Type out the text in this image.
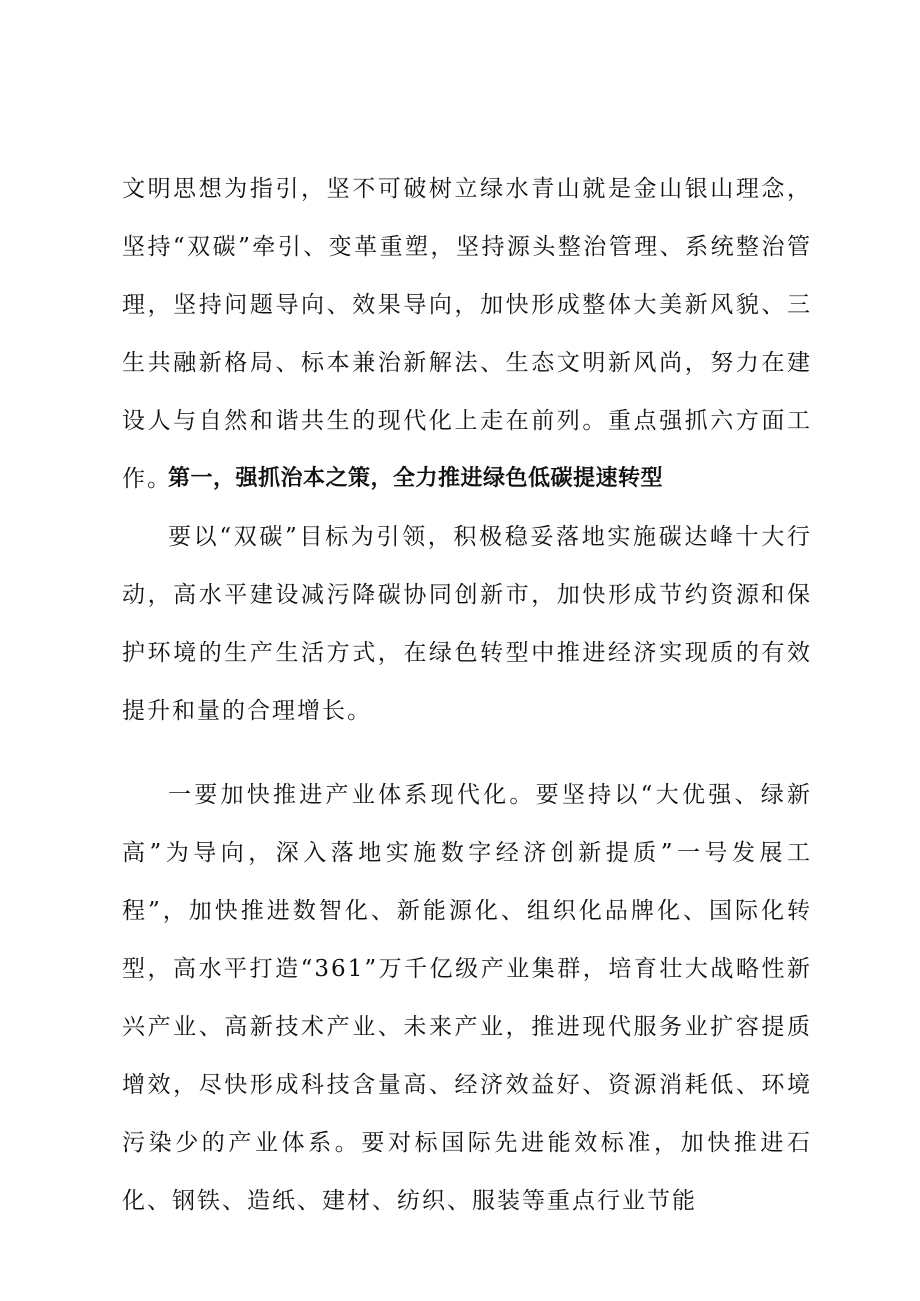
文明思想为指引，坚不可破树立绿水青山就是金山银山理念，坚持“双碳”牵引、变革重塑，坚持源头整治管理、系统整治管理，坚持问题导向、效果导向，加快形成整体大美新风貌、三生共融新格局、标本兼治新解法、生态文明新风尚，努力在建设人与自然和谐共生的现代化上走在前列。重点强抓六方面工作。

第一，强抓治本之策，全力推进绿色低碳提速转型

要以“双碳”目标为引领，积极稳妥落地实施碳达峰十大行动，高水平建设减污降碳协同创新市，加快形成节约资源和保护环境的生产生活方式，在绿色转型中推进经济实现质的有效提升和量的合理增长。

一要加快推进产业体系现代化。要坚持以“大优强、绿新高”为导向，深入落地实施数字经济创新提质”一号发展工程”，加快推进数智化、新能源化、组织化品牌化、国际化转型，高水平打造“361”万千亿级产业集群，培育壮大战略性新兴产业、高新技术产业、未来产业，推进现代服务业扩容提质增效，尽快形成科技含量高、经济效益好、资源消耗低、环境污染少的产业体系。要对标国际先进能效标准，加快推进石化、钢铁、造纸、建材、纺织、服装等重点行业节能
